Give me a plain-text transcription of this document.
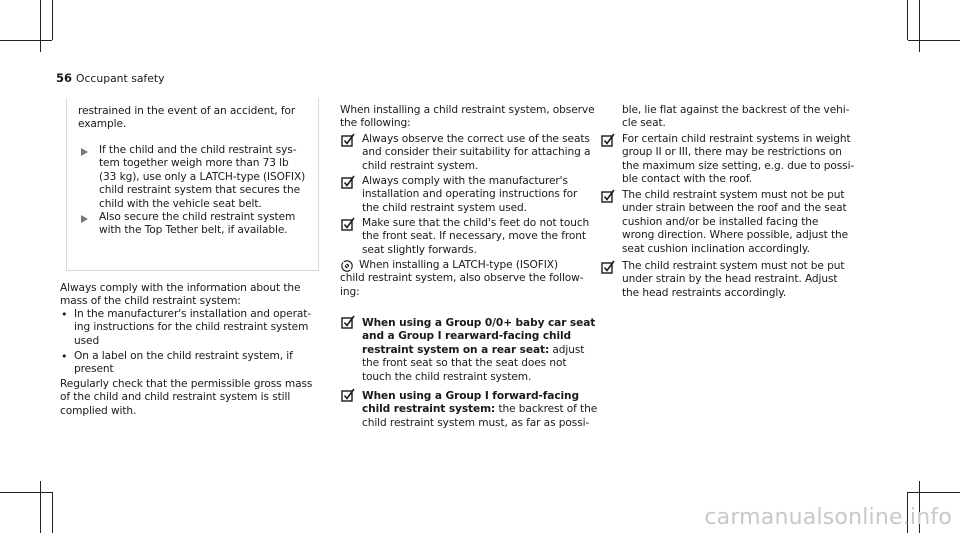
56 Occupant safety
restrained in the event of an accident, for
example.
If the child and the child restraint sys-
tem together weigh more than 73 lb
(33 kg), use only a LATCH-type (ISOFIX)
child restraint system that secures the
child with the vehicle seat belt.
Also secure the child restraint system
with the Top Tether belt, if available.
Always comply with the information about the
mass of the child restraint system:
• In the manufacturer's installation and operat-
ing instructions for the child restraint system
used
• On a label on the child restraint system, if
present
Regularly check that the permissible gross mass
of the child and child restraint system is still
complied with.
When installing a child restraint system, observe
the following:
Always observe the correct use of the seats
and consider their suitability for attaching a
child restraint system.
Always comply with the manufacturer's
installation and operating instructions for
the child restraint system used.
Make sure that the child's feet do not touch
the front seat. If necessary, move the front
seat slightly forwards.
When installing a LATCH-type (ISOFIX)
child restraint system, also observe the follow-
ing:
When using a Group 0/0+ baby car seat
and a Group I rearward-facing child
restraint system on a rear seat: adjust
the front seat so that the seat does not
touch the child restraint system.
When using a Group I forward-facing
child restraint system: the backrest of the
child restraint system must, as far as possi-
ble, lie flat against the backrest of the vehi-
cle seat.
For certain child restraint systems in weight
group II or III, there may be restrictions on
the maximum size setting, e.g. due to possi-
ble contact with the roof.
The child restraint system must not be put
under strain between the roof and the seat
cushion and/or be installed facing the
wrong direction. Where possible, adjust the
seat cushion inclination accordingly.
The child restraint system must not be put
under strain by the head restraint. Adjust
the head restraints accordingly.
carmanualsonline.info
